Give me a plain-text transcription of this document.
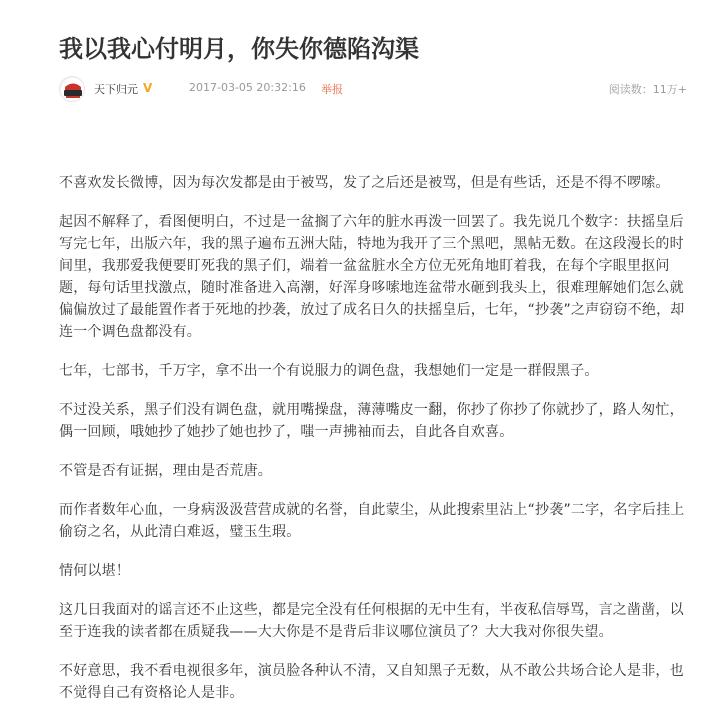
我以我心付明月，你失你德陷沟渠
天下归元 V	2017-03-05 20:32:16 举报	阅读数：11万+

不喜欢发长微博，因为每次发都是由于被骂，发了之后还是被骂，但是有些话，还是不得不啰嗦。

起因不解释了，看图便明白，不过是一盆搁了六年的脏水再泼一回罢了。我先说几个数字：扶摇皇后写完七年，出版六年，我的黑子遍布五洲大陆，特地为我开了三个黑吧，黑帖无数。在这段漫长的时间里，我那爱我便要盯死我的黑子们，端着一盆盆脏水全方位无死角地盯着我，在每个字眼里抠问题，每句话里找激点，随时准备进入高潮，好浑身哆嗦地连盆带水砸到我头上，很难理解她们怎么就偏偏放过了最能置作者于死地的抄袭，放过了成名日久的扶摇皇后，七年，“抄袭”之声窃窃不绝，却连一个调色盘都没有。

七年，七部书，千万字，拿不出一个有说服力的调色盘，我想她们一定是一群假黑子。

不过没关系，黑子们没有调色盘，就用嘴操盘，薄薄嘴皮一翻，你抄了你抄了你就抄了，路人匆忙，偶一回顾，哦她抄了她抄了她也抄了，嗤一声拂袖而去，自此各自欢喜。

不管是否有证据，理由是否荒唐。

而作者数年心血，一身病汲汲营营成就的名誉，自此蒙尘，从此搜索里沾上“抄袭”二字，名字后挂上偷窃之名，从此清白难返，璧玉生瑕。

情何以堪！

这几日我面对的谣言还不止这些，都是完全没有任何根据的无中生有，半夜私信辱骂，言之凿凿，以至于连我的读者都在质疑我——大大你是不是背后非议哪位演员了？大大我对你很失望。

不好意思，我不看电视很多年，演员脸各种认不清，又自知黑子无数，从不敢公共场合论人是非，也不觉得自己有资格论人是非。
